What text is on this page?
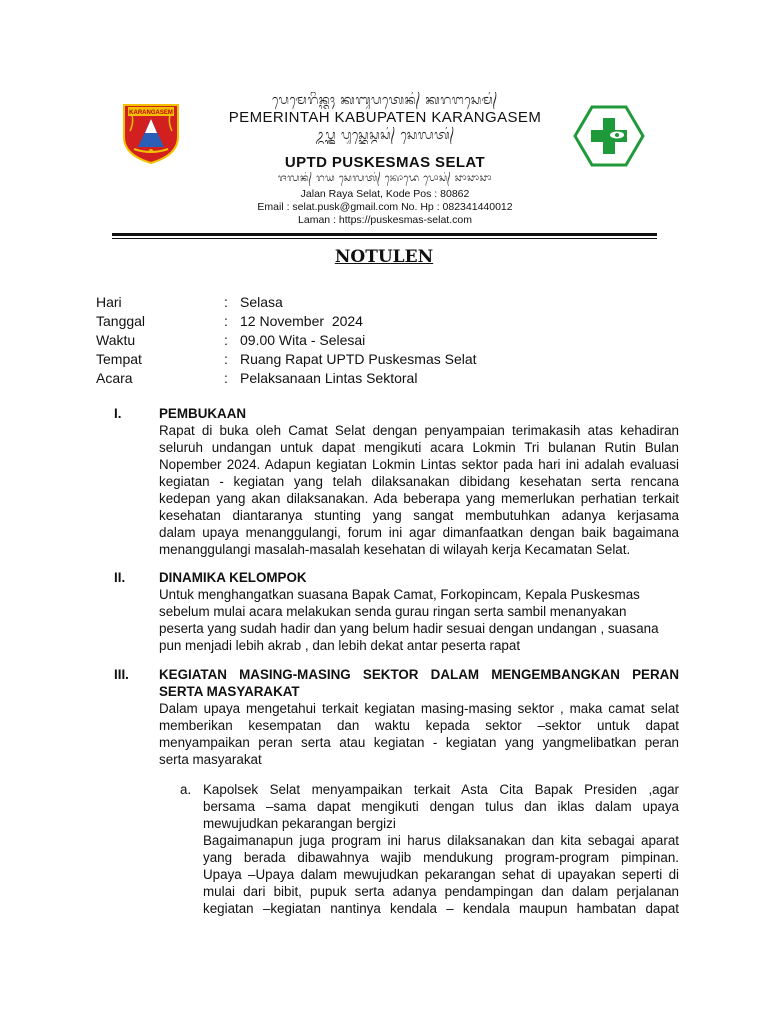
KARANGASEM
ᬧᬾᬫᬾᬭᬶᬦ᭄ᬢᬄ ᬓᬩᬸᬧᬢᬾᬦ᭄ ᬓᬭᬗᬲᬾᬫ᭄
PEMERINTAH KABUPATEN KARANGASEM
ᬉᬧ᭄ᬢ᭄ᬤ ᬧᬸᬲ᭄ᬓᬾᬲ᭄ᬫᬲ᭄ ᬲᬾᬮᬢ᭄
UPTD PUSKESMAS SELAT
ᬚᬮᬦ᭄ ᬭᬬ ᬲᬾᬮᬢ᭄ ᬓᭀᬤᬾ ᬧᭀᬲ᭄ ᬘᬵᬘᬵᬘᬵ
Jalan Raya Selat, Kode Pos : 80862
Email : selat.pusk@gmail.com No. Hp : 082341440012
Laman : https://puskesmas-selat.com
NOTULEN
Hari	: Selasa
Tanggal	: 12 November  2024
Waktu	: 09.00 Wita - Selesai
Tempat	: Ruang Rapat UPTD Puskesmas Selat
Acara	: Pelaksanaan Lintas Sektoral
I.	PEMBUKAAN
Rapat di buka oleh Camat Selat dengan penyampaian terimakasih atas kehadiran
seluruh undangan untuk dapat mengikuti acara Lokmin Tri bulanan Rutin Bulan
Nopember 2024. Adapun kegiatan Lokmin Lintas sektor pada hari ini adalah evaluasi
kegiatan - kegiatan yang telah dilaksanakan dibidang kesehatan serta rencana
kedepan yang akan dilaksanakan. Ada beberapa yang memerlukan perhatian terkait
kesehatan diantaranya stunting yang sangat membutuhkan adanya kerjasama
dalam upaya menanggulangi, forum ini agar dimanfaatkan dengan baik bagaimana
menanggulangi masalah-masalah kesehatan di wilayah kerja Kecamatan Selat.
II.	DINAMIKA KELOMPOK
Untuk menghangatkan suasana Bapak Camat, Forkopincam, Kepala Puskesmas
sebelum mulai acara melakukan senda gurau ringan serta sambil menanyakan
peserta yang sudah hadir dan yang belum hadir sesuai dengan undangan , suasana
pun menjadi lebih akrab , dan lebih dekat antar peserta rapat
III. KEGIATAN MASING-MASING SEKTOR DALAM MENGEMBANGKAN PERAN
SERTA MASYARAKAT
Dalam upaya mengetahui terkait kegiatan masing-masing sektor , maka camat selat
memberikan kesempatan dan waktu kepada sektor –sektor untuk dapat
menyampaikan peran serta atau kegiatan - kegiatan yang yangmelibatkan peran
serta masyarakat
a. Kapolsek Selat menyampaikan terkait Asta Cita Bapak Presiden ,agar
bersama –sama dapat mengikuti dengan tulus dan iklas dalam upaya
mewujudkan pekarangan bergizi
Bagaimanapun juga program ini harus dilaksanakan dan kita sebagai aparat
yang berada dibawahnya wajib mendukung program-program pimpinan.
Upaya –Upaya dalam mewujudkan pekarangan sehat di upayakan seperti di
mulai dari bibit, pupuk serta adanya pendampingan dan dalam perjalanan
kegiatan –kegiatan nantinya kendala – kendala maupun hambatan dapat
